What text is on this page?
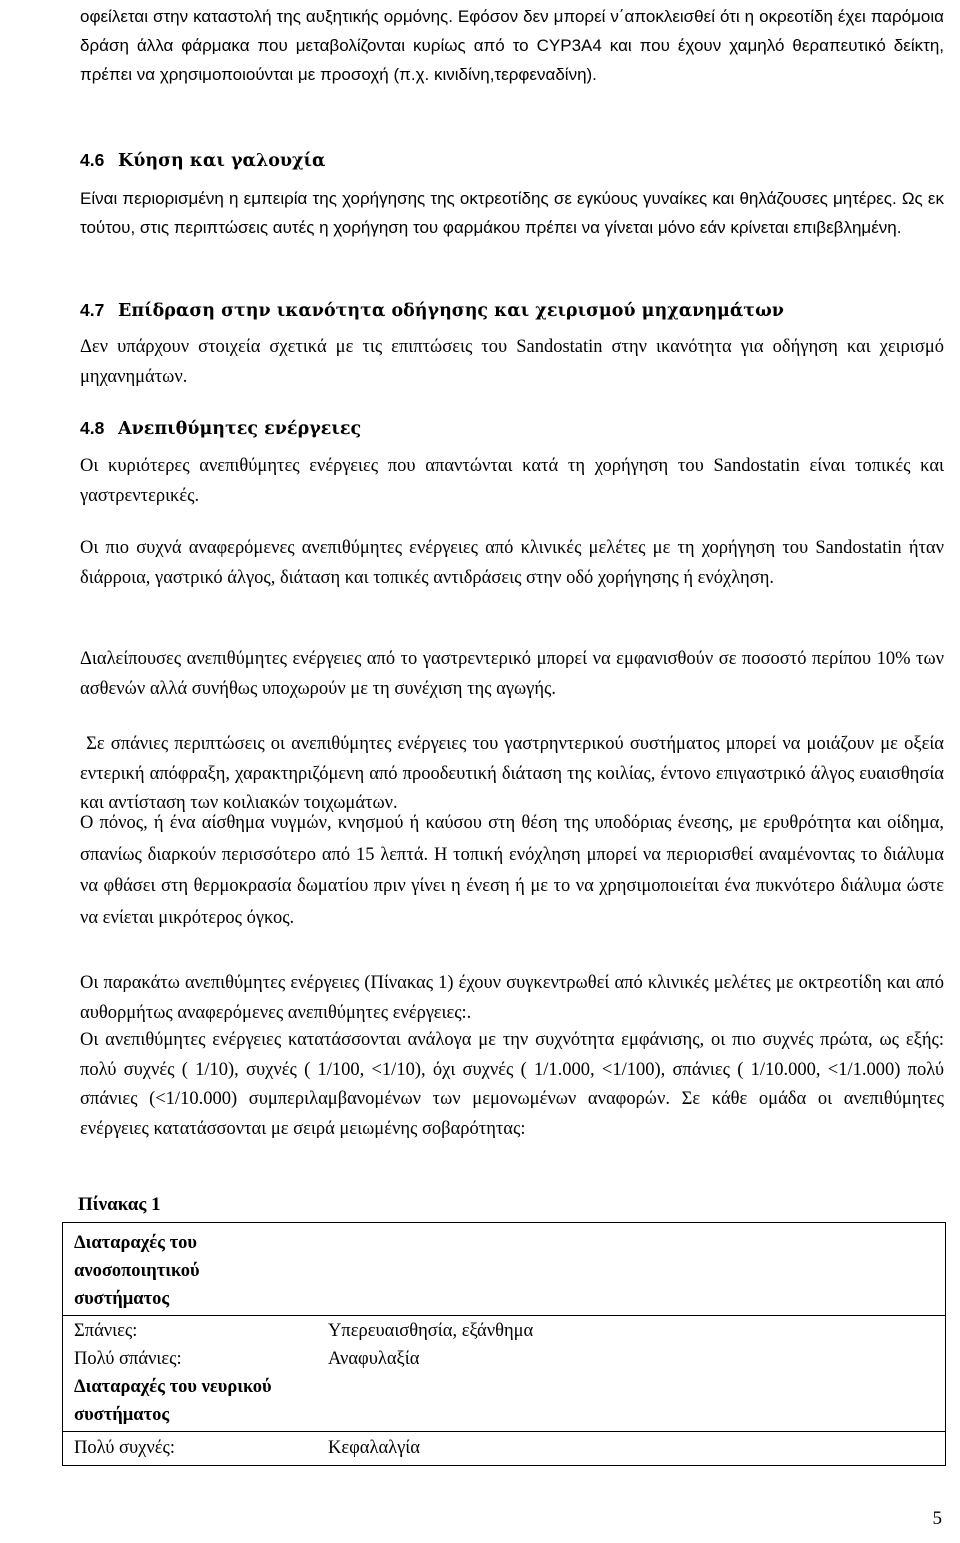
οφείλεται στην καταστολή της αυξητικής ορμόνης. Εφόσον δεν μπορεί ν΄αποκλεισθεί ότι η οκρεοτίδη έχει παρόμοια δράση άλλα φάρμακα που μεταβολίζονται κυρίως από το CYP3A4 και που έχουν χαμηλό θεραπευτικό δείκτη, πρέπει να χρησιμοποιούνται με προσοχή (π.χ. κινιδίνη,τερφεναδίνη).

4.6 Κύηση και γαλουχία

Είναι περιορισμένη η εμπειρία της χορήγησης της οκτρεοτίδης σε εγκύους γυναίκες και θηλάζουσες μητέρες. Ως εκ τούτου, στις περιπτώσεις αυτές η χορήγηση του φαρμάκου πρέπει να γίνεται μόνο εάν κρίνεται επιβεβλημένη.

4.7 Επίδραση στην ικανότητα οδήγησης και χειρισμού μηχανημάτων

Δεν υπάρχουν στοιχεία σχετικά με τις επιπτώσεις του Sandostatin στην ικανότητα για οδήγηση και χειρισμό μηχανημάτων.

4.8 Ανεπιθύμητες ενέργειες

Οι κυριότερες ανεπιθύμητες ενέργειες που απαντώνται κατά τη χορήγηση του Sandostatin είναι τοπικές και γαστρεντερικές.

Οι πιο συχνά αναφερόμενες ανεπιθύμητες ενέργειες από κλινικές μελέτες με τη χορήγηση του Sandostatin ήταν διάρροια, γαστρικό άλγος, διάταση και τοπικές αντιδράσεις στην οδό χορήγησης ή ενόχληση.

Διαλείπουσες ανεπιθύμητες ενέργειες από το γαστρεντερικό μπορεί να εμφανισθούν σε ποσοστό περίπου 10% των ασθενών αλλά συνήθως υποχωρούν με τη συνέχιση της αγωγής.

Σε σπάνιες περιπτώσεις οι ανεπιθύμητες ενέργειες του γαστρηντερικού συστήματος μπορεί να μοιάζουν με οξεία εντερική απόφραξη, χαρακτηριζόμενη από προοδευτική διάταση της κοιλίας, έντονο επιγαστρικό άλγος ευαισθησία και αντίσταση των κοιλιακών τοιχωμάτων.

Ο πόνος, ή ένα αίσθημα νυγμών, κνησμού ή καύσου στη θέση της υποδόριας ένεσης, με ερυθρότητα και οίδημα, σπανίως διαρκούν περισσότερο από 15 λεπτά. Η τοπική ενόχληση μπορεί να περιορισθεί αναμένοντας το διάλυμα να φθάσει στη θερμοκρασία δωματίου πριν γίνει η ένεση ή με το να χρησιμοποιείται ένα πυκνότερο διάλυμα ώστε να ενίεται μικρότερος όγκος.

Οι παρακάτω ανεπιθύμητες ενέργειες (Πίνακας 1) έχουν συγκεντρωθεί από κλινικές μελέτες με οκτρεοτίδη και από αυθορμήτως αναφερόμενες ανεπιθύμητες ενέργειες:.

Οι ανεπιθύμητες ενέργειες κατατάσσονται ανάλογα με την συχνότητα εμφάνισης, οι πιο συχνές πρώτα, ως εξής: πολύ συχνές ( 1/10), συχνές ( 1/100, <1/10), όχι συχνές ( 1/1.000, <1/100), σπάνιες ( 1/10.000, <1/1.000) πολύ σπάνιες (<1/10.000) συμπεριλαμβανομένων των μεμονωμένων αναφορών. Σε κάθε ομάδα οι ανεπιθύμητες ενέργειες κατατάσσονται με σειρά μειωμένης σοβαρότητας:

Πίνακας 1
Διαταραχές του ανοσοποιητικού συστήματος
Σπάνιες:	Υπερευαισθησία, εξάνθημα
Πολύ σπάνιες:	Αναφυλαξία
Διαταραχές του νευρικού συστήματος
Πολύ συχνές:	Κεφαλαλγία
5
